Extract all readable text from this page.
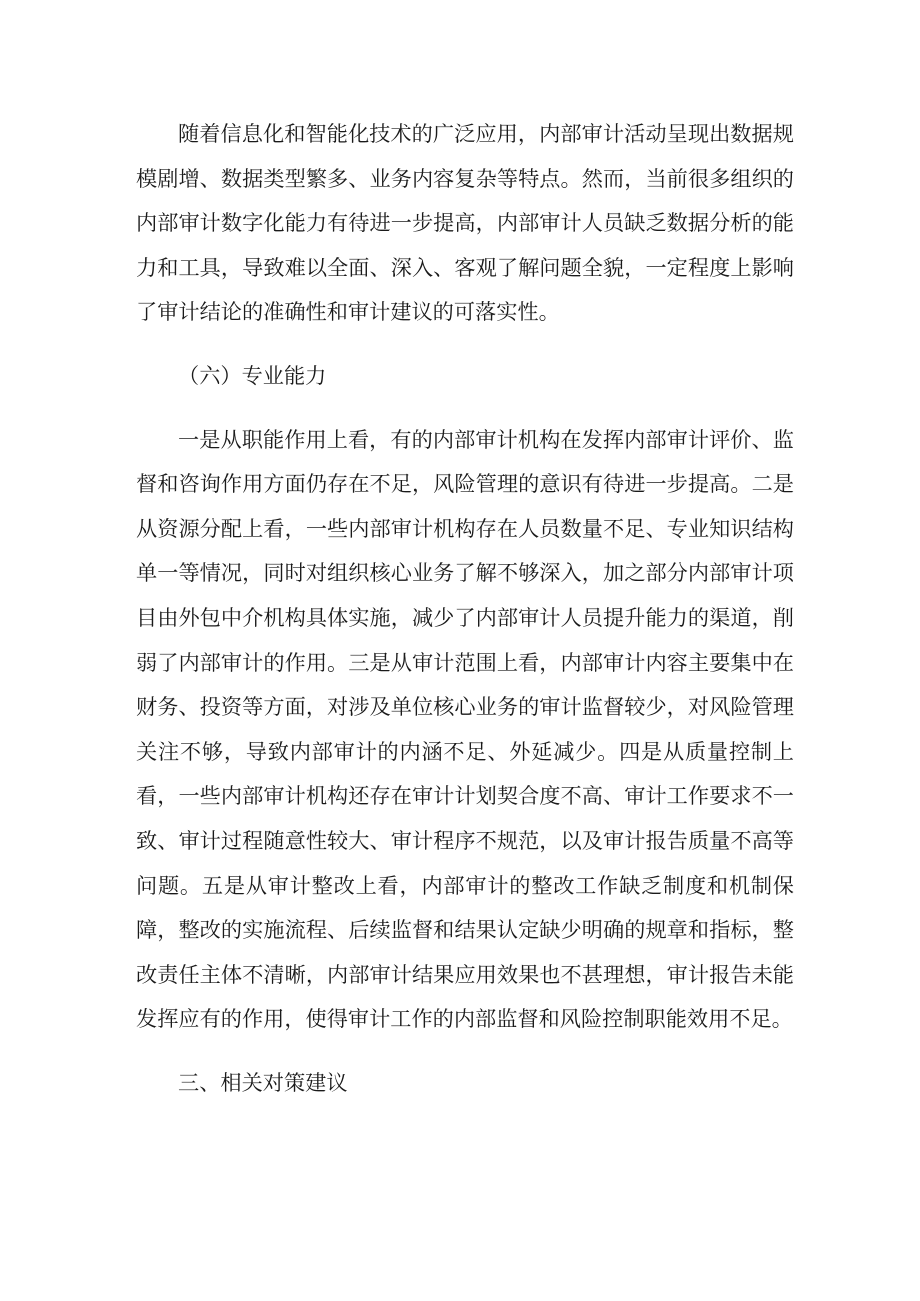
随着信息化和智能化技术的广泛应用，内部审计活动呈现出数据规模剧增、数据类型繁多、业务内容复杂等特点。然而，当前很多组织的内部审计数字化能力有待进一步提高，内部审计人员缺乏数据分析的能力和工具，导致难以全面、深入、客观了解问题全貌，一定程度上影响了审计结论的准确性和审计建议的可落实性。

（六）专业能力

一是从职能作用上看，有的内部审计机构在发挥内部审计评价、监督和咨询作用方面仍存在不足，风险管理的意识有待进一步提高。二是从资源分配上看，一些内部审计机构存在人员数量不足、专业知识结构单一等情况，同时对组织核心业务了解不够深入，加之部分内部审计项目由外包中介机构具体实施，减少了内部审计人员提升能力的渠道，削弱了内部审计的作用。三是从审计范围上看，内部审计内容主要集中在财务、投资等方面，对涉及单位核心业务的审计监督较少，对风险管理关注不够，导致内部审计的内涵不足、外延减少。四是从质量控制上看，一些内部审计机构还存在审计计划契合度不高、审计工作要求不一致、审计过程随意性较大、审计程序不规范，以及审计报告质量不高等问题。五是从审计整改上看，内部审计的整改工作缺乏制度和机制保障，整改的实施流程、后续监督和结果认定缺少明确的规章和指标，整改责任主体不清晰，内部审计结果应用效果也不甚理想，审计报告未能发挥应有的作用，使得审计工作的内部监督和风险控制职能效用不足。

三、相关对策建议
